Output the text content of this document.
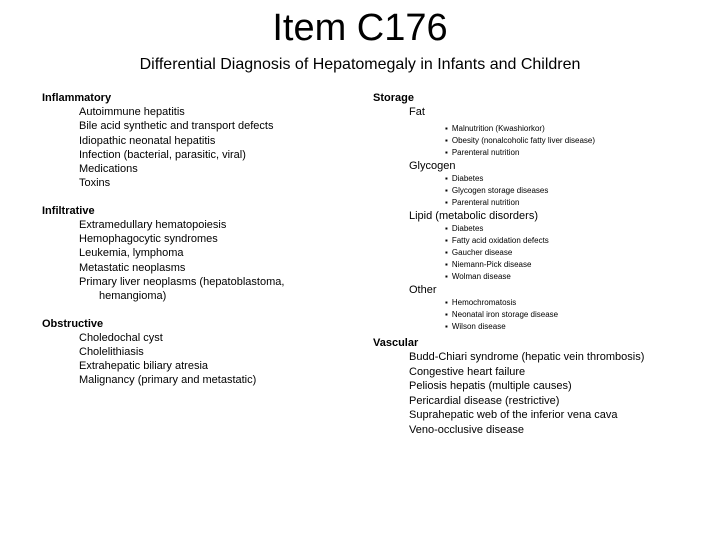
Item C176
Differential Diagnosis of Hepatomegaly in Infants and Children
Inflammatory
Autoimmune hepatitis
Bile acid synthetic and transport defects
Idiopathic neonatal hepatitis
Infection (bacterial, parasitic, viral)
Medications
Toxins
Infiltrative
Extramedullary hematopoiesis
Hemophagocytic syndromes
Leukemia, lymphoma
Metastatic neoplasms
Primary liver neoplasms (hepatoblastoma,
hemangioma)
Obstructive
Choledochal cyst
Cholelithiasis
Extrahepatic biliary atresia
Malignancy (primary and metastatic)
Storage
Fat
▪ Malnutrition (Kwashiorkor)
▪ Obesity (nonalcoholic fatty liver disease)
▪ Parenteral nutrition
Glycogen
▪ Diabetes
▪ Glycogen storage diseases
▪ Parenteral nutrition
Lipid (metabolic disorders)
▪ Diabetes
▪ Fatty acid oxidation defects
▪ Gaucher disease
▪ Niemann-Pick disease
▪ Wolman disease
Other
▪ Hemochromatosis
▪ Neonatal iron storage disease
▪ Wilson disease
Vascular
Budd-Chiari syndrome (hepatic vein thrombosis)
Congestive heart failure
Peliosis hepatis (multiple causes)
Pericardial disease (restrictive)
Suprahepatic web of the inferior vena cava
Veno-occlusive disease
